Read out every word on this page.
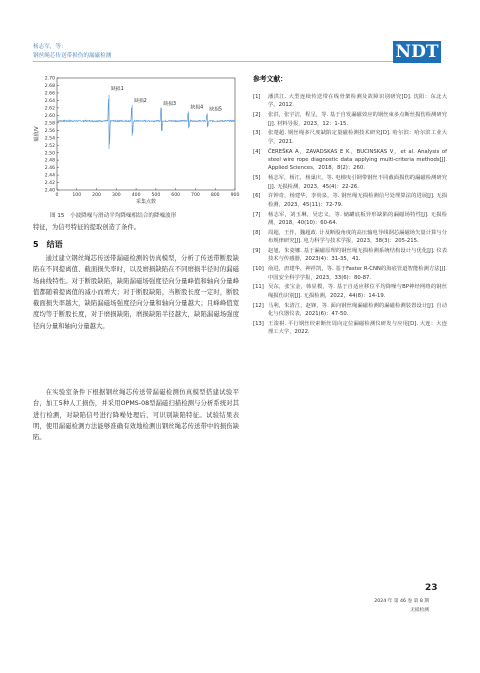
杨志军，等：
钢丝绳芯传送带损伤的漏磁检测	NDT
2.40
2.42
2.44
2.46
2.48
2.50
2.52
2.54
2.56
2.58
2.60
2.62
2.64
2.66
2.68
2.70
0	100 200 300 400 500 600 700 800 900
采集点数
幅值/V
缺损1
缺损2
缺损3
缺损4 缺损5
图 15　小波降噪与滑动平均降噪相结合的降噪波形
特征，为信号特征的提取创造了条件。
5　结语
通过建立钢丝绳芯传送带漏磁检测的仿真模型，分析了传送带断股缺陷在不同提离值、截面损失率时，以及磨损缺陷在不同磨损半径时的漏磁场曲线特性。对于断股缺陷，缺陷漏磁场强度径向分量峰值和轴向分量峰值都随着提离值的减小而增大；对于断股缺陷，当断股长度一定时，断股截面损失率越大，缺陷漏磁场强度径向分量和轴向分量越大；且峰峰值宽度均等于断股长度，对于磨损缺陷，磨损缺陷半径越大，缺陷漏磁场强度径向分量和轴向分量越大。
在实验室条件下根据钢丝绳芯传送带漏磁检测仿真模型搭建试验平台，加工5种人工损伤，并采用OPMS-08型漏磁扫描检测与分析系统对其进行检测，对缺陷信号进行降噪处理后，可识别缺陷特征。试验结果表明，使用漏磁检测方法能够准确有效地检测出钢丝绳芯传送带中的损伤缺陷。
参考文献：
[1] 潘洪江. 大型连续传送带在线骨架检测及故障识别研究[D]. 沈阳：东北大学，2012.
[2] 张洪，张宇洁，程呈，等. 基于自发漏磁效应的钢丝束多点断丝损伤检测研究[J]. 材料导报，2023，12：1-15.
[3] 张楚超. 钢丝绳多尺度缺陷定量磁检测技术研究[D]. 哈尔滨：哈尔滨工业大学，2021.
[4] ČEREŠKA A，ZAVADSKAS E K，BUCINSKAS V，et al. Analysis of steel wire rope diagnostic data applying multi-criteria methods[J]. Applied Sciences，2018，8(2)：260.
[5] 杨志军，杨江，杨巢庆，等. 电梯曳引钢带钢丝不同截面损伤的漏磁检测研究[J]. 无损检测，2023，45(4)：22-26.
[6] 许钟奇，杨建华，李尚泉，等. 钢丝绳无损检测信号处理算法的进展[J]. 无损检测，2023，45(11)：72-79.
[7] 杨志军，刘玉琳，吴忠义，等. 储罐底板异形缺陷的漏磁场特性[J]. 无损检测，2018，40(10)：60-64.
[8] 周超，王作，魏超政. 计及断股角度的高压输电导线钢芯漏磁场矢量计算与分布规律研究[J]. 电力科学与技术学报，2023，38(3)：205-215.
[9] 赵旭，朱姿娜. 基于漏磁原理的钢丝绳无损检测系统结构设计与优化[J]. 仪表技术与传感器，2023(4)：31-35，41.
[10] 俞进，唐建华，神祥凯，等. 基于Faster R-CNN的海底管道智能检测方法[J]. 中国安全科学学报，2023，33(6)：80-87.
[11] 吴东，张宝金，韩显模，等. 基于自适应移位平均降噪与BP神经网络的钢丝绳损伤识别[J]. 无损检测，2022，44(8)：14-19.
[12] 马利，朱清江，赵锋，等. 面向钢丝绳漏磁检测的漏磁检测装置设计[J]. 自动化与仪器仪表，2021(6)：47-50.
[13] 王浚祺. 平行钢丝绞索断丝周向定位漏磁检测仪研发与应用[D]. 大连：大连理工大学，2022.
23
2024 年 第 46 卷 第 8 期
无损检测
